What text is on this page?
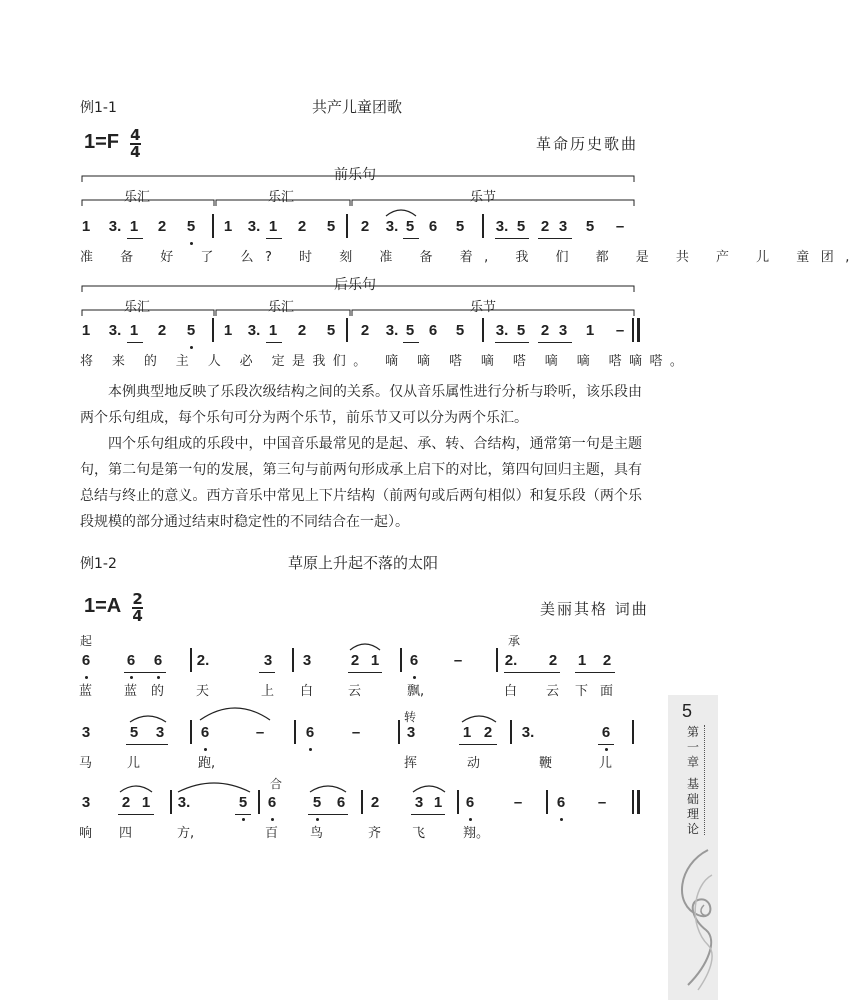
例1-1	共产儿童团歌
$1=F \frac{4}{4}$	革命历史歌曲
前乐句
乐汇	乐汇	乐节
1 3. 1 2 5 1 3. 1 2 5 2 3. 5 6 5 3. 5 2 3 5 –
准 备 好 了 么? 时 刻 准 备 着, 我 们 都 是 共 产 儿 童团,
后乐句
乐汇	乐汇	乐节
1 3. 1 2 5 1 3. 1 2 5 2 3. 5 6 5 3. 5 2 3 1 –
将 来 的 主 人 必 定是我们。 嘀 嘀 嗒 嘀 嗒 嘀 嘀 嗒嘀嗒。
本例典型地反映了乐段次级结构之间的关系。仅从音乐属性进行分析与聆听，该乐段由两个乐句组成，每个乐句可分为两个乐节，前乐节又可以分为两个乐汇。
四个乐句组成的乐段中，中国音乐最常见的是起、承、转、合结构，通常第一句是主题句，第二句是第一句的发展，第三句与前两句形成承上启下的对比，第四句回归主题，具有总结与终止的意义。西方音乐中常见上下片结构（前两句或后两句相似）和复乐段（两个乐段规模的部分通过结束时稳定性的不同结合在一起）。
例1-2	草原上升起不落的太阳
$1=A \frac{2}{4}$	美丽其格 词曲
起	承
6 6 6 2.	3 3	2 1 6 –	2. 2 1 2
蓝 蓝 的 天	上 白	云	飘,	白 云 下 面
转
3	5 3 6	–	6	–	3	1 2 3.	6
马	儿	跑,	挥	动	鞭	儿
合
3 2 1 3.	5 6 5 6 2 3 1 6	– 6 –
响 四	方,	百 鸟	齐 飞	翔。
5
第
一
章
基
础
理
论
